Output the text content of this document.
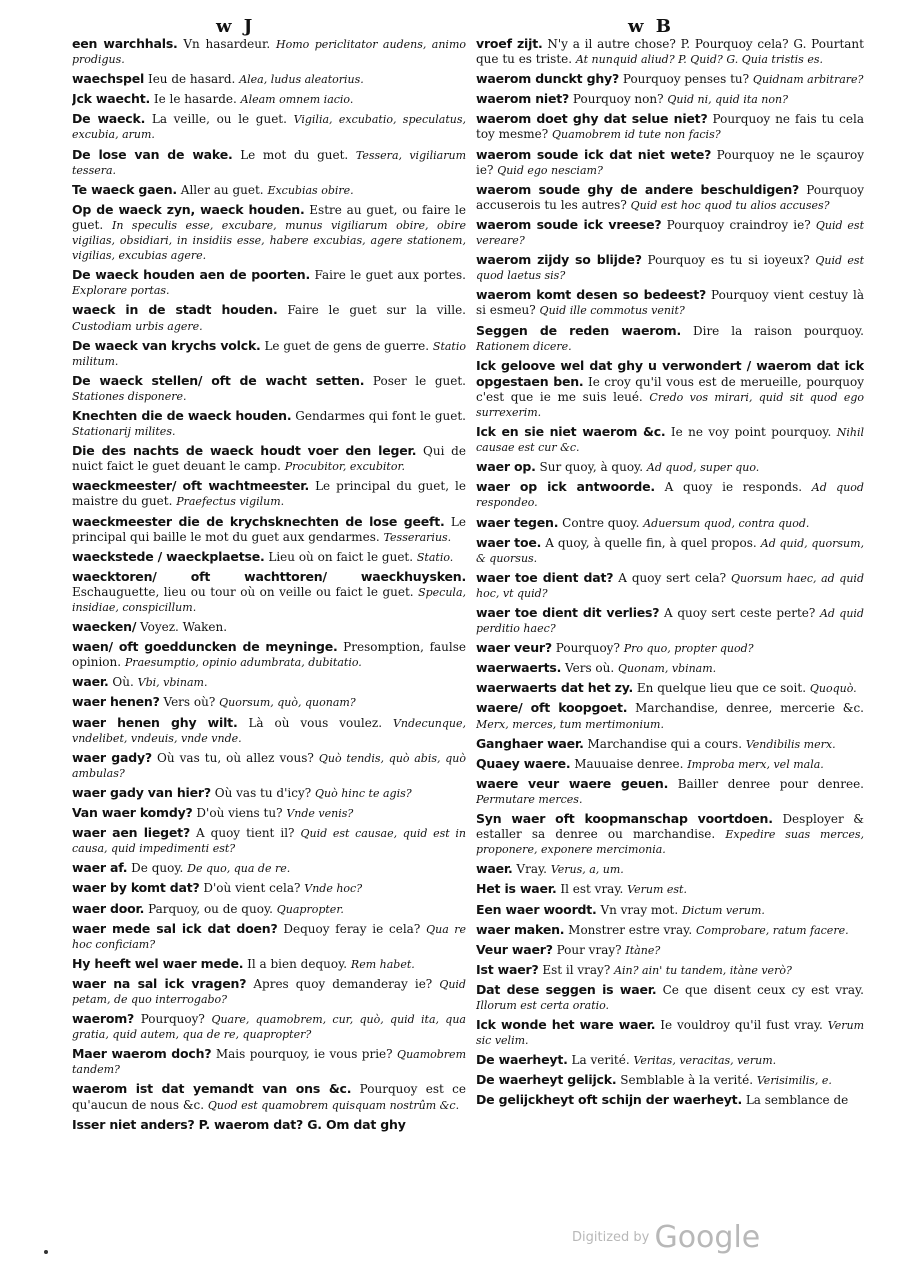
w J	w B
een warchhals. Vn hasardeur. Homo periclitator audens, animo prodigus.
waechspel Ieu de hasard. Alea, ludus aleatorius.
Jck waecht. Ie le hasarde. Aleam omnem iacio.
De waeck. La veille, ou le guet. Vigilia, excubatio, speculatus, excubia, arum.
De lose van de wake. Le mot du guet. Tessera, vigiliarum tessera.
Te waeck gaen. Aller au guet. Excubias obire.
Op de waeck zyn, waeck houden. Estre au guet, ou faire le guet. In speculis esse, excubare, munus vigiliarum obire, obire vigilias, obsidiari, in insidiis esse, habere excubias, agere stationem, vigilias, excubias agere.
De waeck houden aen de poorten. Faire le guet aux portes. Explorare portas.
waeck in de stadt houden. Faire le guet sur la ville. Custodiam urbis agere.
De waeck van krychs volck. Le guet de gens de guerre. Statio militum.
De waeck stellen/ oft de wacht setten. Poser le guet. Stationes disponere.
Knechten die de waeck houden. Gendarmes qui font le guet. Stationarij milites.
Die des nachts de waeck houdt voer den leger. Qui de nuict faict le guet deuant le camp. Procubitor, excubitor.
waeckmeester/ oft wachtmeester. Le principal du guet, le maistre du guet. Praefectus vigilum.
waeckmeester die de krychsknechten de lose geeft. Le principal qui baille le mot du guet aux gendarmes. Tesserarius.
waeckstede / waeckplaetse. Lieu où on faict le guet. Statio.
waecktoren/ oft wachttoren/ waeckhuysken. Eschauguette, lieu ou tour où on veille ou faict le guet. Specula, insidiae, conspicillum.
waecken/ Voyez. Waken.
waen/ oft goedduncken de meyninge. Presomption, faulse opinion. Praesumptio, opinio adumbrata, dubitatio.
waer. Où. Vbi, vbinam.
waer henen? Vers où? Quorsum, quò, quonam?
waer henen ghy wilt. Là où vous voulez. Vndecunque, vndelibet, vndeuis, vnde vnde.
waer gady? Où vas tu, où allez vous? Quò tendis, quò abis, quò ambulas?
waer gady van hier? Où vas tu d'icy? Quò hinc te agis?
Van waer komdy? D'où viens tu? Vnde venis?
waer aen lieget? A quoy tient il? Quid est causae, quid est in causa, quid impedimenti est?
waer af. De quoy. De quo, qua de re.
waer by komt dat? D'où vient cela? Vnde hoc?
waer door. Parquoy, ou de quoy. Quapropter.
waer mede sal ick dat doen? Dequoy feray ie cela? Qua re hoc conficiam?
Hy heeft wel waer mede. Il a bien dequoy. Rem habet.
waer na sal ick vragen? Apres quoy demanderay ie? Quid petam, de quo interrogabo?
waerom? Pourquoy? Quare, quamobrem, cur, quò, quid ita, qua gratia, quid autem, qua de re, quapropter?
Maer waerom doch? Mais pourquoy, ie vous prie? Quamobrem tandem?
waerom ist dat yemandt van ons &c. Pourquoy est ce qu'aucun de nous &c. Quod est quamobrem quisquam nostrûm &c.
Isser niet anders? P. waerom dat? G. Om dat ghy
vroef zijt. N'y a il autre chose? P. Pourquoy cela? G. Pourtant que tu es triste. At nunquid aliud? P. Quid? G. Quia tristis es.
waerom dunckt ghy? Pourquoy penses tu? Quidnam arbitrare?
waerom niet? Pourquoy non? Quid ni, quid ita non?
waerom doet ghy dat selue niet? Pourquoy ne fais tu cela toy mesme? Quamobrem id tute non facis?
waerom soude ick dat niet wete? Pourquoy ne le sçauroy ie? Quid ego nesciam?
waerom soude ghy de andere beschuldigen? Pourquoy accuserois tu les autres? Quid est hoc quod tu alios accuses?
waerom soude ick vreese? Pourquoy craindroy ie? Quid est vereare?
waerom zijdy so blijde? Pourquoy es tu si ioyeux? Quid est quod laetus sis?
waerom komt desen so bedeest? Pourquoy vient cestuy là si esmeu? Quid ille commotus venit?
Seggen de reden waerom. Dire la raison pourquoy. Rationem dicere.
Ick geloove wel dat ghy u verwondert / waerom dat ick opgestaen ben. Ie croy qu'il vous est de merueille, pourquoy c'est que ie me suis leué. Credo vos mirari, quid sit quod ego surrexerim.
Ick en sie niet waerom &c. Ie ne voy point pourquoy. Nihil causae est cur &c.
waer op. Sur quoy, à quoy. Ad quod, super quo.
waer op ick antwoorde. A quoy ie responds. Ad quod respondeo.
waer tegen. Contre quoy. Aduersum quod, contra quod.
waer toe. A quoy, à quelle fin, à quel propos. Ad quid, quorsum, & quorsus.
waer toe dient dat? A quoy sert cela? Quorsum haec, ad quid hoc, vt quid?
waer toe dient dit verlies? A quoy sert ceste perte? Ad quid perditio haec?
waer veur? Pourquoy? Pro quo, propter quod?
waerwaerts. Vers où. Quonam, vbinam.
waerwaerts dat het zy. En quelque lieu que ce soit. Quoquò.
waere/ oft koopgoet. Marchandise, denree, mercerie &c. Merx, merces, tum mertimonium.
Ganghaer waer. Marchandise qui a cours. Vendibilis merx.
Quaey waere. Mauuaise denree. Improba merx, vel mala.
waere veur waere geuen. Bailler denree pour denree. Permutare merces.
Syn waer oft koopmanschap voortdoen. Desployer & estaller sa denree ou marchandise. Expedire suas merces, proponere, exponere mercimonia.
waer. Vray. Verus, a, um.
Het is waer. Il est vray. Verum est.
Een waer woordt. Vn vray mot. Dictum verum.
waer maken. Monstrer estre vray. Comprobare, ratum facere.
Veur waer? Pour vray? Itàne?
Ist waer? Est il vray? Ain? ain' tu tandem, itàne verò?
Dat dese seggen is waer. Ce que disent ceux cy est vray. Illorum est certa oratio.
Ick wonde het ware waer. Ie vouldroy qu'il fust vray. Verum sic velim.
De waerheyt. La verité. Veritas, veracitas, verum.
De waerheyt gelijck. Semblable à la verité. Verisimilis, e.
De gelijckheyt oft schijn der waerheyt. La semblance de
Digitized by Google
